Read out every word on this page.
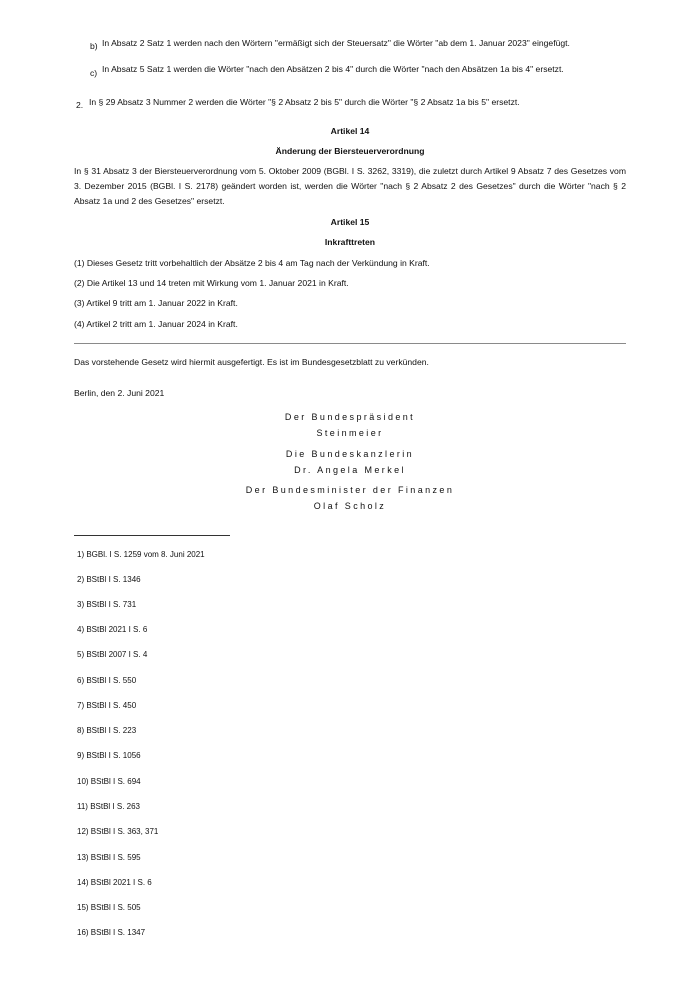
b) In Absatz 2 Satz 1 werden nach den Wörtern "ermäßigt sich der Steuersatz" die Wörter "ab dem 1. Januar 2023" eingefügt.
c) In Absatz 5 Satz 1 werden die Wörter "nach den Absätzen 2 bis 4" durch die Wörter "nach den Absätzen 1a bis 4" ersetzt.
2. In § 29 Absatz 3 Nummer 2 werden die Wörter "§ 2 Absatz 2 bis 5" durch die Wörter "§ 2 Absatz 1a bis 5" ersetzt.
Artikel 14
Änderung der Biersteuerverordnung
In § 31 Absatz 3 der Biersteuerverordnung vom 5. Oktober 2009 (BGBl. I S. 3262, 3319), die zuletzt durch Artikel 9 Absatz 7 des Gesetzes vom 3. Dezember 2015 (BGBl. I S. 2178) geändert worden ist, werden die Wörter "nach § 2 Absatz 2 des Gesetzes" durch die Wörter "nach § 2 Absatz 1a und 2 des Gesetzes" ersetzt.
Artikel 15
Inkrafttreten
(1) Dieses Gesetz tritt vorbehaltlich der Absätze 2 bis 4 am Tag nach der Verkündung in Kraft.
(2) Die Artikel 13 und 14 treten mit Wirkung vom 1. Januar 2021 in Kraft.
(3) Artikel 9 tritt am 1. Januar 2022 in Kraft.
(4) Artikel 2 tritt am 1. Januar 2024 in Kraft.
Das vorstehende Gesetz wird hiermit ausgefertigt. Es ist im Bundesgesetzblatt zu verkünden.
Berlin, den 2. Juni 2021
Der Bundespräsident
Steinmeier
Die Bundeskanzlerin
Dr. Angela Merkel
Der Bundesminister der Finanzen
Olaf Scholz
1) BGBl. I S. 1259 vom 8. Juni 2021
2) BStBl I S. 1346
3) BStBl I S. 731
4) BStBl 2021 I S. 6
5) BStBl 2007 I S. 4
6) BStBl I S. 550
7) BStBl I S. 450
8) BStBl I S. 223
9) BStBl I S. 1056
10) BStBl I S. 694
11) BStBl I S. 263
12) BStBl I S. 363, 371
13) BStBl I S. 595
14) BStBl 2021 I S. 6
15) BStBl I S. 505
16) BStBl I S. 1347
